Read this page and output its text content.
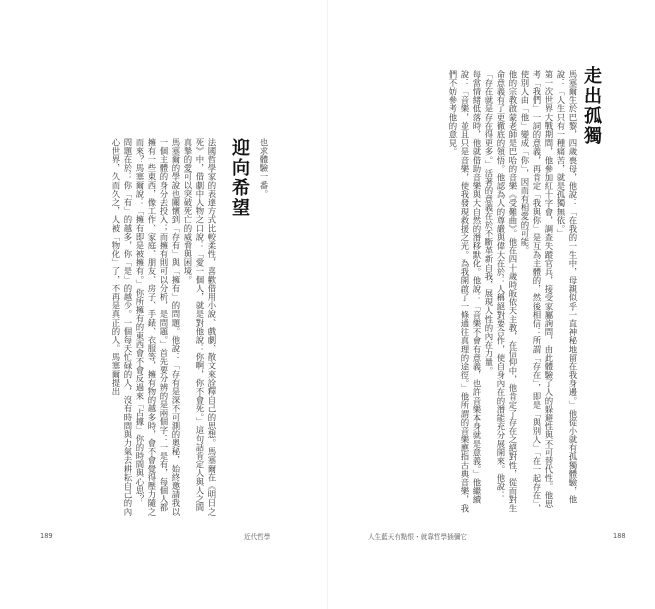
走出孤獨

馬塞爾生於巴黎，四歲喪母，他說：「在我的一生中，母親似乎一直神秘地留在我身邊。」他從小就有孤獨體驗，他說：「人生只有一種痛苦，就是孤獨無依。」

第一次世界大戰期間，他參加紅十字會，調查失蹤官兵，接受家屬詢問，由此體驗了人的躲避性與不可替代性。他思考「我們」一詞的意義，再肯定「我與你」是互為主體的，然後相信：所謂「存在」，即是「與別人」「在一起存在」，使別人由「他」變成「你」，因而有相愛的可能。

他的宗教啟蒙老師是巴哈的音樂《受難曲》。他在四十歲時皈依天主教，在信仰中，他肯定了存在之絕對性，從而對生命意義有了更徹底的領悟。他認為人的尊嚴與偉大在於：人稱絕對要合作，使自身內在的潛能充分展開來。他說：「存在就是存在得更多。」活著的意義在於不斷革新自我，展現人性的內在力量。

每當情緒低落時，他就借助音樂與大自然的潛移默化。他說：「音樂不會有意義，也許音樂本身就是意義。」他繼續說：「音樂，並且只是音樂，使我發現救援之光。為我開啟了一條通往真理的途徑。」他所謂的音樂應指古典音樂，我們不妨參考他的意見。

人生藍天有點恨・就靠哲學插彌它	188
也求體驗一番。
迎向希望

法國哲學家的表達方式比較柔性，喜歡借用小說、戲劇、散文來詮釋自己的思想。馬塞爾在《明日之死》中，借劇中人物之口說：「愛一個人，就是對他說：你啊，你不會死。」這句話肯定人與人之間真摯的愛可以突破死亡的威脅與困境。

馬塞爾的學說也關懷到「存有」與「擁有」的問題。他說：「存有是深不可測的奧秘，始終邀請我以一個主體的身分去投入；而擁有則可以分析，是問題。」首先要分辨的是兩個字：一是有，每個人都擁有一些東西，像工作、家庭、朋友、房子、手錶、衣服等，擁有物的越多時，會不會覺得壓力隨之而來？馬塞爾說：「擁有即是被擁有。」你所擁有的東西會不會反過來「占據」你的時間與心思？

問題在於：你「有」的越多，你「是」的越少。一個每天忙碌的人，沒有時間與力氣去耕耘自己的內心世界，久而久之，人被「物化」了，不再是真正的人。馬塞爾提出

189	近代哲學
